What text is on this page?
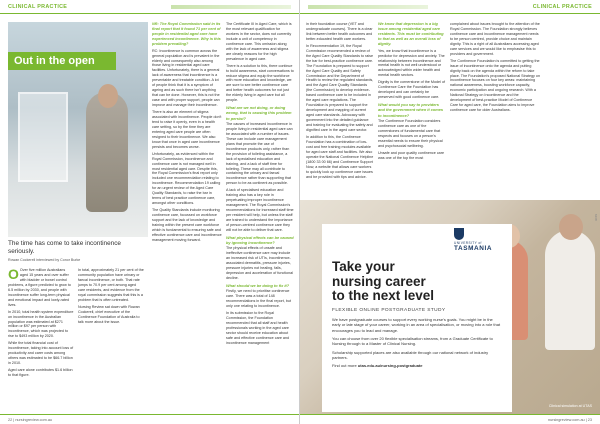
CLINICAL PRACTICE
Out in the open
The time has come to take incontinence seriously.
Rowan Cockerell interviewed by Conor Burke

O Over five million Australians aged 15 years and over suffer with bladder or bowel control problems, a figure predicted to grow to 6.5 million by 2030, and people with incontinence suffer long-term physical and emotional impact and lowly‑rated lives.

In 2010, total health system expenditure on incontinence in the Australian population was estimated at $271 million or $97 per person with incontinence, which was projected to rise to $493 million by 2020.

While the total financial cost of incontinence, taking into account loss of productivity and carer costs among others was estimated to be $66.7 billion in 2010.

Aged care alone contributes $1.6 billion to that figure.

In total, approximately 21 per cent of the community population have urinary or faecal incontinence, or both. That rate jumps to 70.9 per cent among aged care residents, and evidence from the royal commission suggests that this is a problem that is often untreated.

Nursing Review sat down with Rowan Cockerell, chief executive of the Continence Foundation of Australia to talk more about the issue.

NR: The Royal Commission said in its final report that it found 71 per cent of people in residential aged care have experienced incontinence. Why is this problem prevailing?

RC: Incontinence is common across the general population and is prevalent in the elderly and consequently also among those living in residential aged care facilities. Unfortunately, there is a general lack of awareness that incontinence is a preventable and treatable condition. A lot of people think that it is a symptom of ageing and as such there isn't anything that can be done. However, this is not the case and with proper support, people can improve and manage their incontinence.

There is also an element of stigma associated with incontinence. People don't tend to raise it openly, even in a health care setting, so by the time they are entering aged care people are often resigned to their incontinence. We also know that once in aged care incontinence persists and becomes worse.

Unfortunately, as evidenced within the Royal Commission, incontinence and continence care is not managed well in most residential aged care. Despite this, the Royal Commission's final report only included one recommendation relating to incontinence. Recommendation 19 calling for an urgent review of the Aged Care Quality Standards, to raise the bar in terms of best practice continence care, amongst other conditions.

The Quality Standards include monitoring continence care, focussed on workforce support and the lack of knowledge and training within the present care workforce which is fundamental to ensuring safe and effective continence care and incontinence management moving forward.

The Certificate III in Aged Care, which is the most relevant qualification for workers in the sector, does not currently include a unit of competency in continence care. This omission along with the lack of awareness and stigma are clearly reasons for the high prevalence in aged care.

There is a solution to this, there continue to build awareness, start conversations to reduce stigma and equip the workforce with more education and knowledge, we are sure to see better continence care and better health outcomes for not just the elderly living in aged care but all people.

What are we not doing, or doing wrong, that is causing this problem to persist?

The causes of increased incontinence in people living in residential aged care can be associated with a number of issues. These can include care management plans that promote the use of incontinence products only, rather than the provision of toileting assistance, a lack of specialised education and training, and a lack of staff time for toileting. These may all contribute to containing the urinary and faecal incontinence rather than supporting that person to be as continent as possible.

A lack of specialised education and training also has a key role in perpetuating improper incontinence management. The Royal Commission's recommendations for increased staff time per resident will help, but unless the staff are trained to understand the importance of person-centred continence care they will not be able to deliver that care.

What physical effects can be caused by ignoring incontinence?

The physical effects of unsafe and ineffective continence care may include an increased risk of UTIs, incontinence-associated dermatitis, pressure injuries, pressure injuries not healing, falls, depression and acceleration of functional decline.

What should we be doing to fix it?

Firstly, we need to prioritise continence care. There was a total of 148 recommendations in the final report, but only one relating to incontinence.

In its submission to the Royal Commission, the Foundation recommended that all staff and health professionals working in the aged care sector should receive education about safe and effective continence care and incontinence management

22 | nursingreview.com.au
CLINICAL PRACTICE

in their foundation course (VET and undergraduate courses). There is a clear link between better health outcomes and better-educated health care workers.

In Recommendation 19, the Royal Commission recommended a review of the Aged Care Quality Standards to raise the bar for best-practice continence care. The Foundation is prepared to support the Aged Care Quality and Safety Commission and the Department of Health to review the regulated standards, and the Aged Care Quality Standards (the Commission) to develop evidence-based continence care to be included in the aged care regulations. The Foundation is prepared to support the development and mapping of current aged care standards. Advocacy with government into the detailed guidance and training for evaluating the safety and dignified care in the aged care sector.

In addition to this, the Continence Foundation has a combination of low-cost and free training modules available for aged care staff and facilities. We also operate the National Continence Helpline (1800 33 00 66) and Continence Support Now, a website that allows care workers to quickly look up continence care issues and be provided with tips and advice.

We know that depression is a big issue among residential aged care residents. This must be contributing to that as well as an overall loss of dignity.

Yes, we know that incontinence is a predictor for depression and anxiety. The relationship between incontinence and mental health is not well understood or acknowledged within wider health and mental health sectors.

Dignity is the cornerstone of the Model of Continence Care the Foundation has developed and can certainly be preserved with good continence care.

What would you say to providers and the government when it comes to incontinence?

The Continence Foundation considers continence care as one of the cornerstones of fundamental care that respects and focuses on a person's essential needs to ensure their physical and psychosocial wellbeing.

Unsafe and poor quality continence care was one of the top the most

complained about issues brought to the attention of the Royal Commission. The Foundation strongly believes continence care and incontinence management needs to be person centred, provide choice and maintain dignity. This is a right of all Australians accessing aged care services and we would like to emphasise this to providers and government.

The Continence Foundation is committed to getting the issue of incontinence onto the agenda and putting dignity back on the agenda within the reform to take place. The Foundation's proposed National Strategy on Incontinence focuses on four key areas: maintaining national awareness, boosting workforce capacity, economic participation and ongoing research. With a National Strategy on Incontinence and the development of best-practice Model of Continence Care for aged care, the Foundation aims to improve continence care for older Australians.

UNIVERSITY of
TASMANIA
Take your
nursing career
to the next level
FLEXIBLE ONLINE POSTGRADUATE STUDY

We have postgraduate courses to support every working nurse's goals. You might be in the early or late stage of your career, working in an area of specialisation, or moving into a role that encourages you to lead and manage.

You can choose from over 20 flexible specialisation streams, from a Graduate Certificate to Nursing through to a Master of Clinical Nursing.

Scholarship supported places are also available through our national network of industry partners.

Find out more utas.edu.au/nursing-postgraduate

Clinical simulation at UTAS
MOB
nursingreview.com.au | 23
